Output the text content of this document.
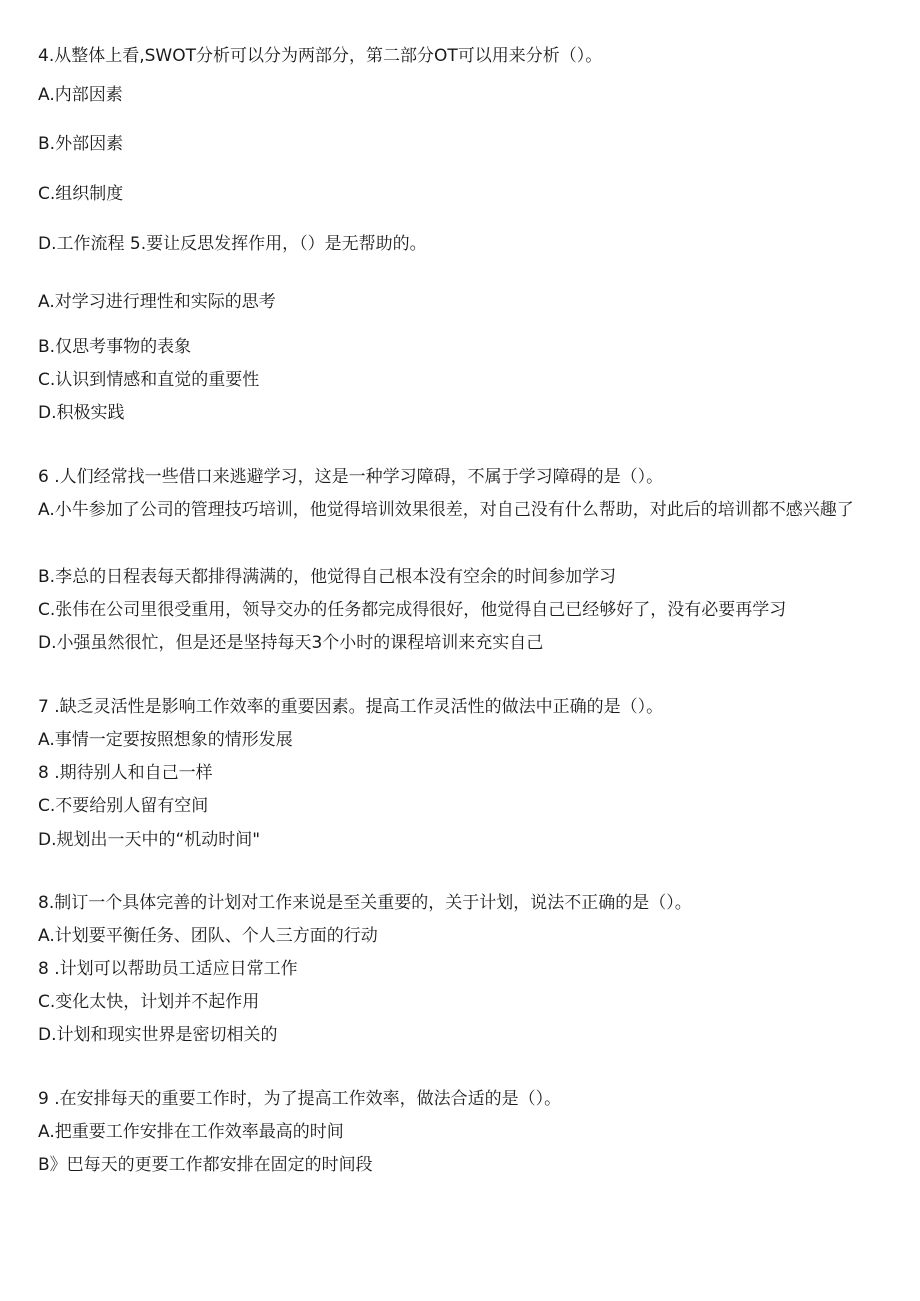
4.从整体上看,SWOT分析可以分为两部分，第二部分OT可以用来分析（）。
A.内部因素
B.外部因素
C.组织制度
D.工作流程 5.要让反思发挥作用，（）是无帮助的。
A.对学习进行理性和实际的思考
B.仅思考事物的表象
C.认识到情感和直觉的重要性
D.积极实践
6 .人们经常找一些借口来逃避学习，这是一种学习障碍，不属于学习障碍的是（）。
A.小牛参加了公司的管理技巧培训，他觉得培训效果很差，对自己没有什么帮助，对此后的培训都不感兴趣了
B.李总的日程表每天都排得满满的，他觉得自己根本没有空余的时间参加学习
C.张伟在公司里很受重用，领导交办的任务都完成得很好，他觉得自己已经够好了，没有必要再学习
D.小强虽然很忙，但是还是坚持每天3个小时的课程培训来充实自己
7 .缺乏灵活性是影响工作效率的重要因素。提高工作灵活性的做法中正确的是（）。
A.事情一定要按照想象的情形发展
8 .期待别人和自己一样
C.不要给别人留有空间
D.规划出一天中的“机动时间"
8.制订一个具体完善的计划对工作来说是至关重要的，关于计划，说法不正确的是（）。
A.计划要平衡任务、团队、个人三方面的行动
8 .计划可以帮助员工适应日常工作
C.变化太快，计划并不起作用
D.计划和现实世界是密切相关的
9 .在安排每天的重要工作时，为了提高工作效率，做法合适的是（）。
A.把重要工作安排在工作效率最高的时间
B》巴每天的更要工作都安排在固定的时间段
